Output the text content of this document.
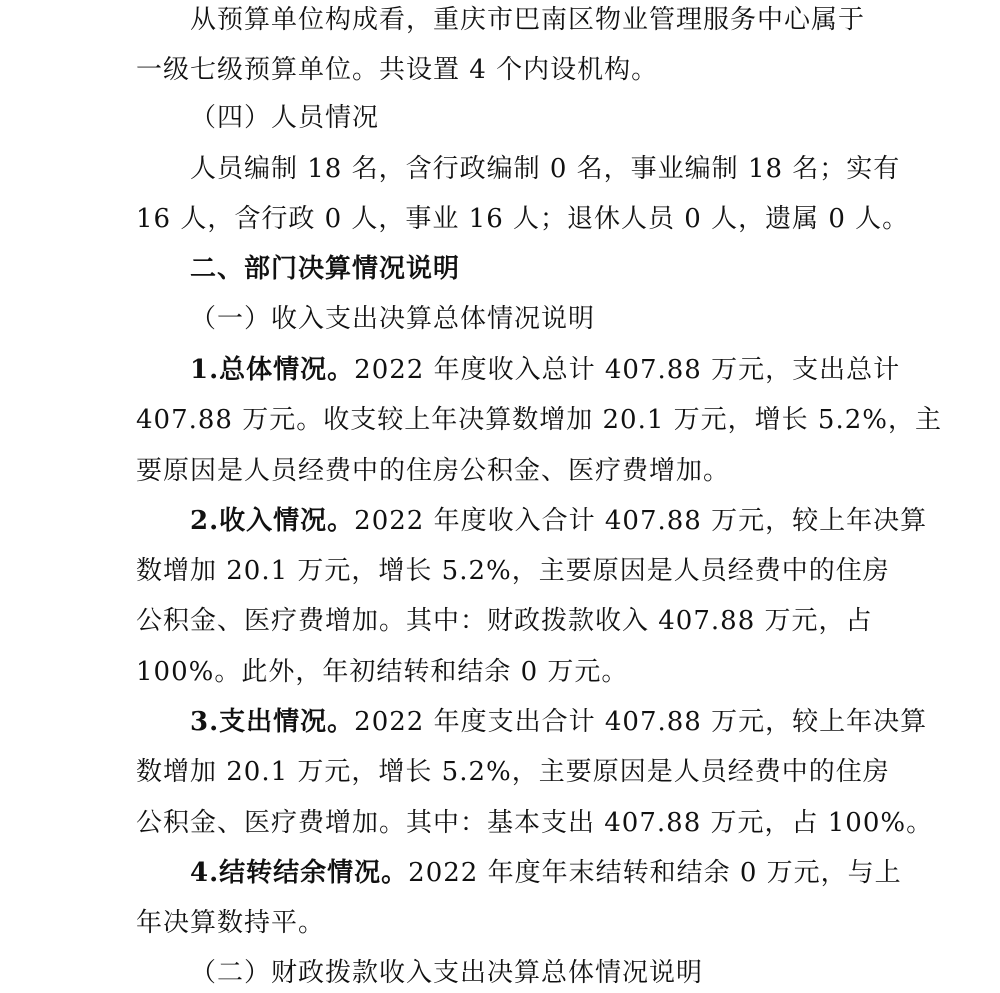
从预算单位构成看，重庆市巴南区物业管理服务中心属于
一级七级预算单位。共设置 4 个内设机构。
（四）人员情况
人员编制 18 名，含行政编制 0 名，事业编制 18 名；实有
16 人，含行政 0 人，事业 16 人；退休人员 0 人，遗属 0 人。
二、部门决算情况说明
（一）收入支出决算总体情况说明
1.总体情况。2022 年度收入总计 407.88 万元，支出总计
407.88 万元。收支较上年决算数增加 20.1 万元，增长 5.2%，主
要原因是人员经费中的住房公积金、医疗费增加。
2.收入情况。2022 年度收入合计 407.88 万元，较上年决算
数增加 20.1 万元，增长 5.2%，主要原因是人员经费中的住房
公积金、医疗费增加。其中：财政拨款收入 407.88 万元，占
100%。此外，年初结转和结余 0 万元。
3.支出情况。2022 年度支出合计 407.88 万元，较上年决算
数增加 20.1 万元，增长 5.2%，主要原因是人员经费中的住房
公积金、医疗费增加。其中：基本支出 407.88 万元，占 100%。
4.结转结余情况。2022 年度年末结转和结余 0 万元，与上
年决算数持平。
（二）财政拨款收入支出决算总体情况说明
